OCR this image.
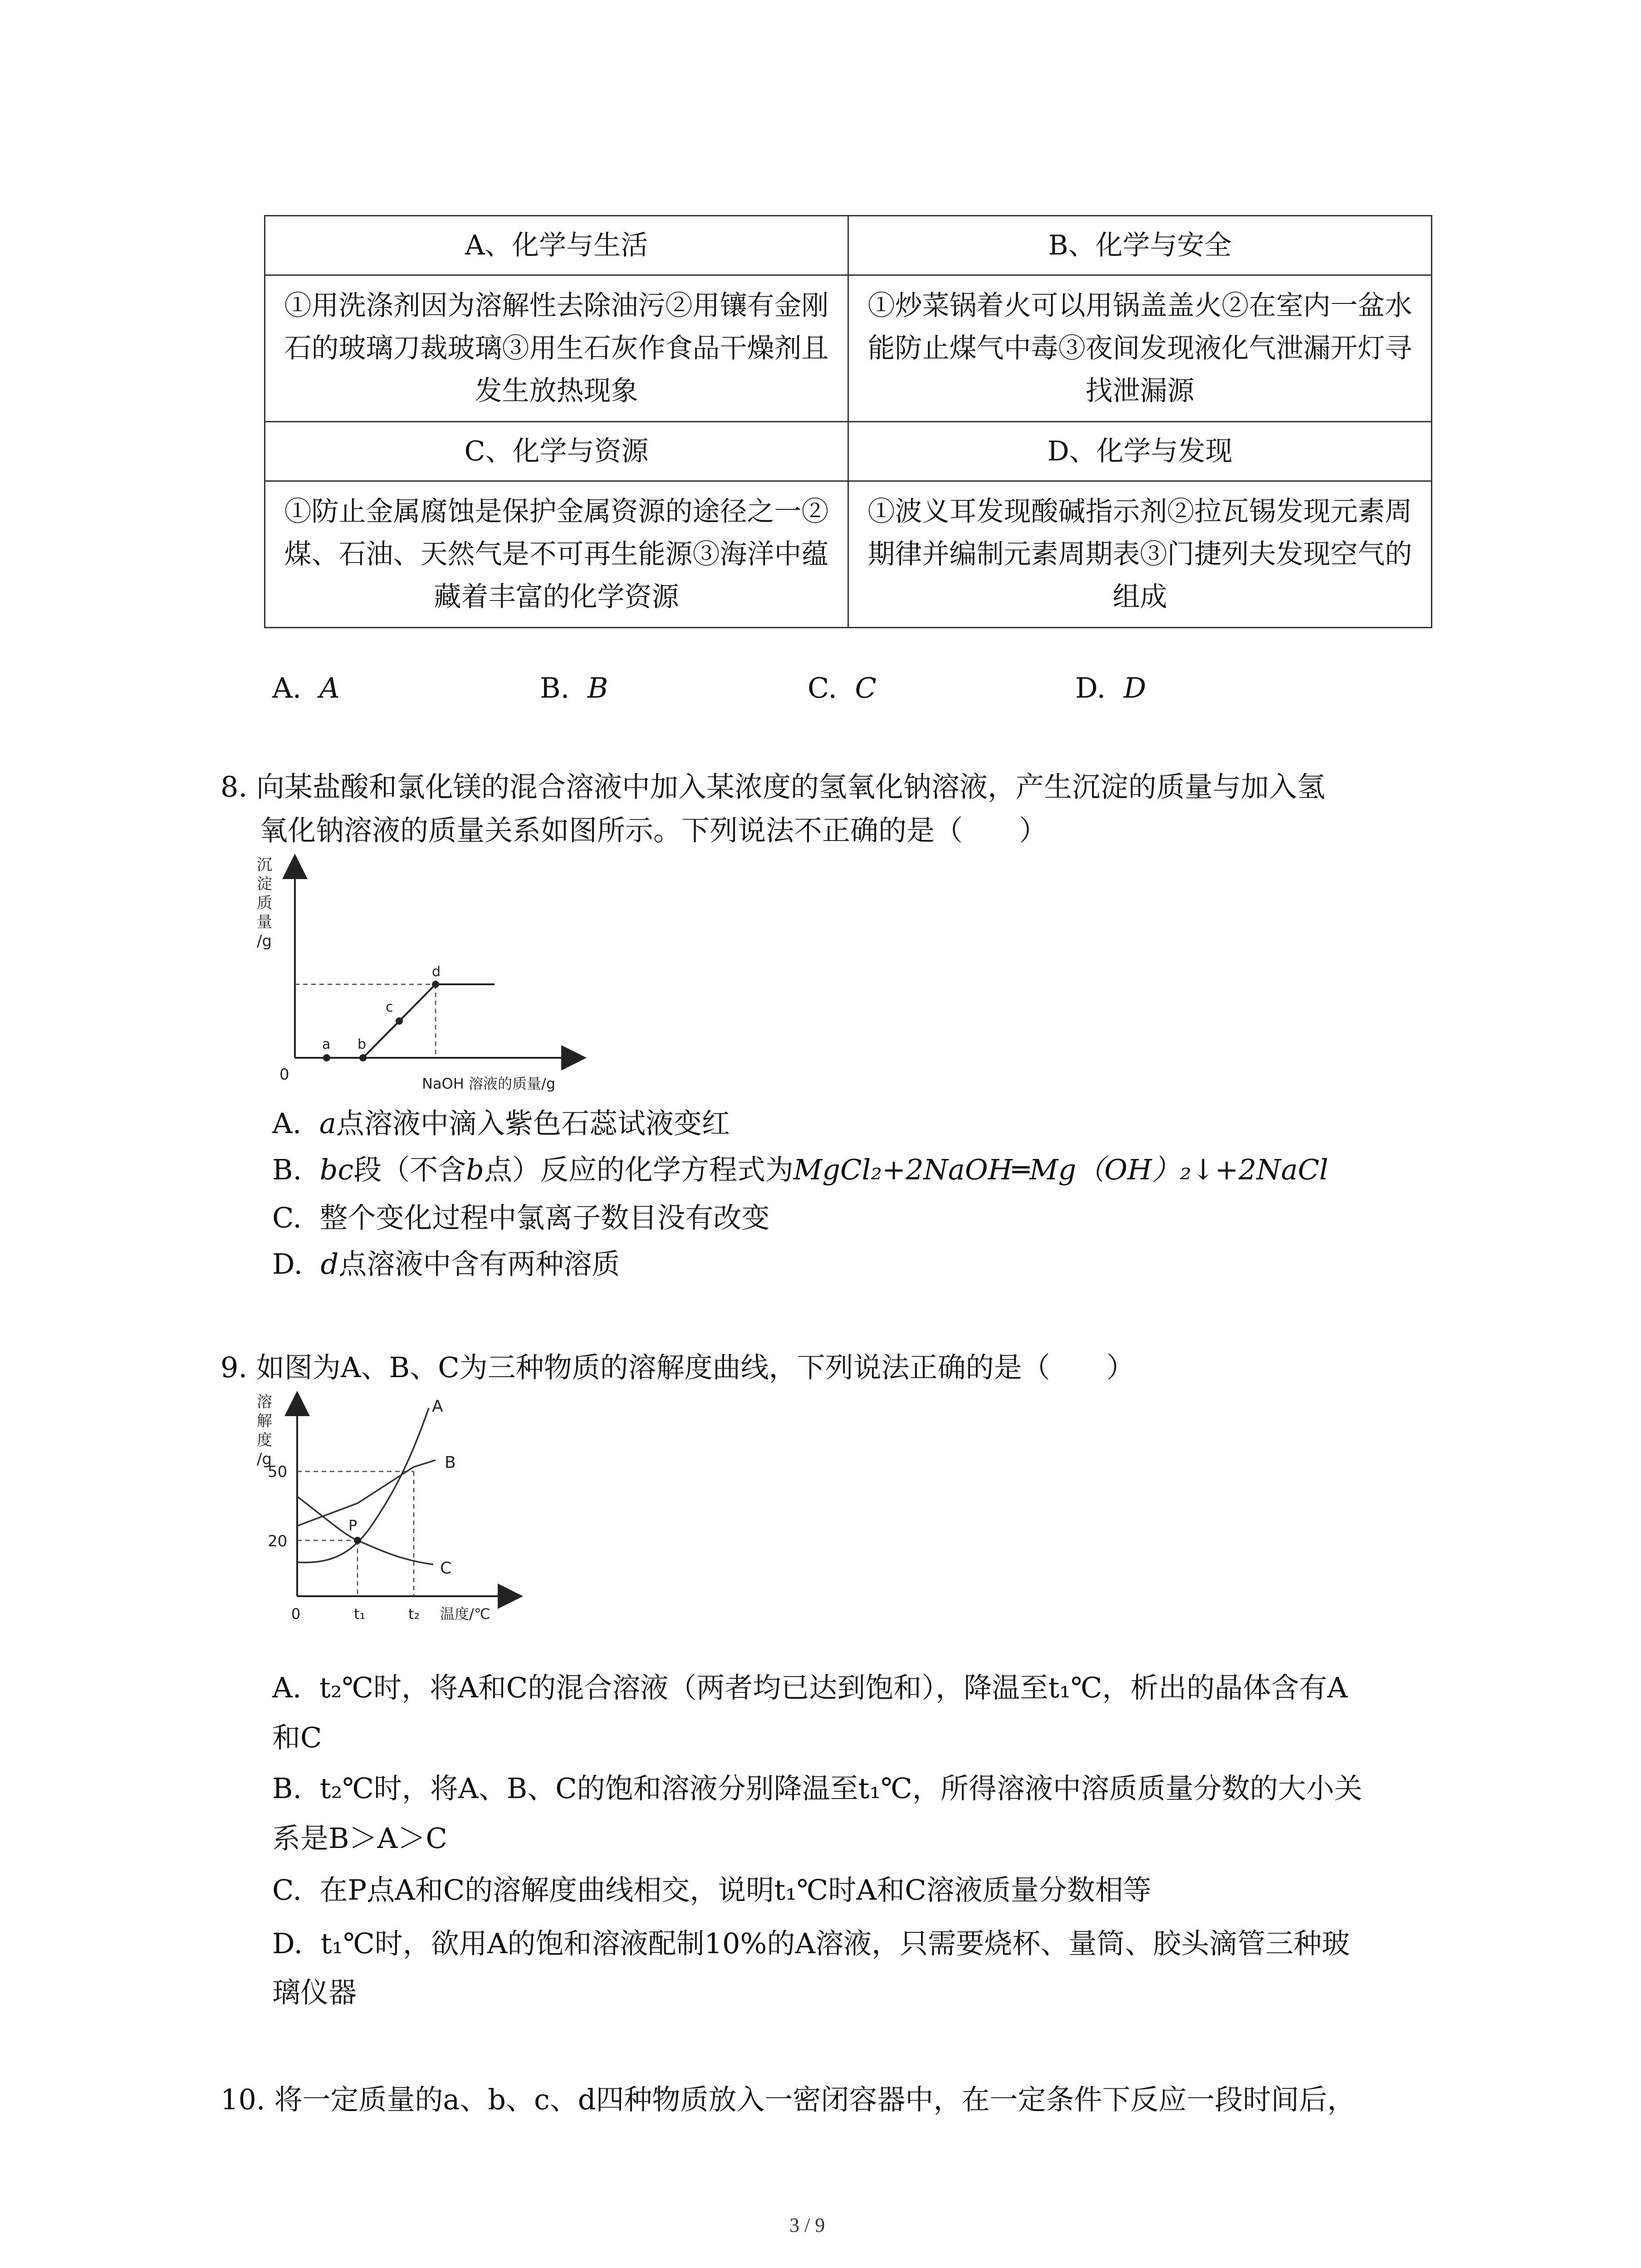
A、化学与生活	B、化学与安全
①用洗涤剂因为溶解性去除油污②用镶有金刚石的玻璃刀裁玻璃③用生石灰作食品干燥剂且发生放热现象	①炒菜锅着火可以用锅盖盖火②在室内一盆水能防止煤气中毒③夜间发现液化气泄漏开灯寻找泄漏源
C、化学与资源	D、化学与发现
①防止金属腐蚀是保护金属资源的途径之一②煤、石油、天然气是不可再生能源③海洋中蕴藏着丰富的化学资源	①波义耳发现酸碱指示剂②拉瓦锡发现元素周期律并编制元素周期表③门捷列夫发现空气的组成
A. A	B. B	C. C	D. D
8. 向某盐酸和氯化镁的混合溶液中加入某浓度的氢氧化钠溶液，产生沉淀的质量与加入氢
氧化钠溶液的质量关系如图所示。下列说法不正确的是（　　）
沉
淀
质
量
/g
0
a b
c
d
NaOH 溶液的质量/g
A. a点溶液中滴入紫色石蕊试液变红
B. bc段（不含b点）反应的化学方程式为MgCl₂+2NaOH═Mg（OH）₂↓+2NaCl
C. 整个变化过程中氯离子数目没有改变
D. d点溶液中含有两种溶质
9. 如图为A、B、C为三种物质的溶解度曲线，下列说法正确的是（　　）
溶
解
度
/g
50
20
0	t₁	t₂ 温度/℃
P
A
B
C
A. t₂℃时，将A和C的混合溶液（两者均已达到饱和），降温至t₁℃，析出的晶体含有A
和C
B. t₂℃时，将A、B、C的饱和溶液分别降温至t₁℃，所得溶液中溶质质量分数的大小关
系是B＞A＞C
C. 在P点A和C的溶解度曲线相交，说明t₁℃时A和C溶液质量分数相等
D. t₁℃时，欲用A的饱和溶液配制10%的A溶液，只需要烧杯、量筒、胶头滴管三种玻
璃仪器
10. 将一定质量的a、b、c、d四种物质放入一密闭容器中，在一定条件下反应一段时间后，
3 / 9
